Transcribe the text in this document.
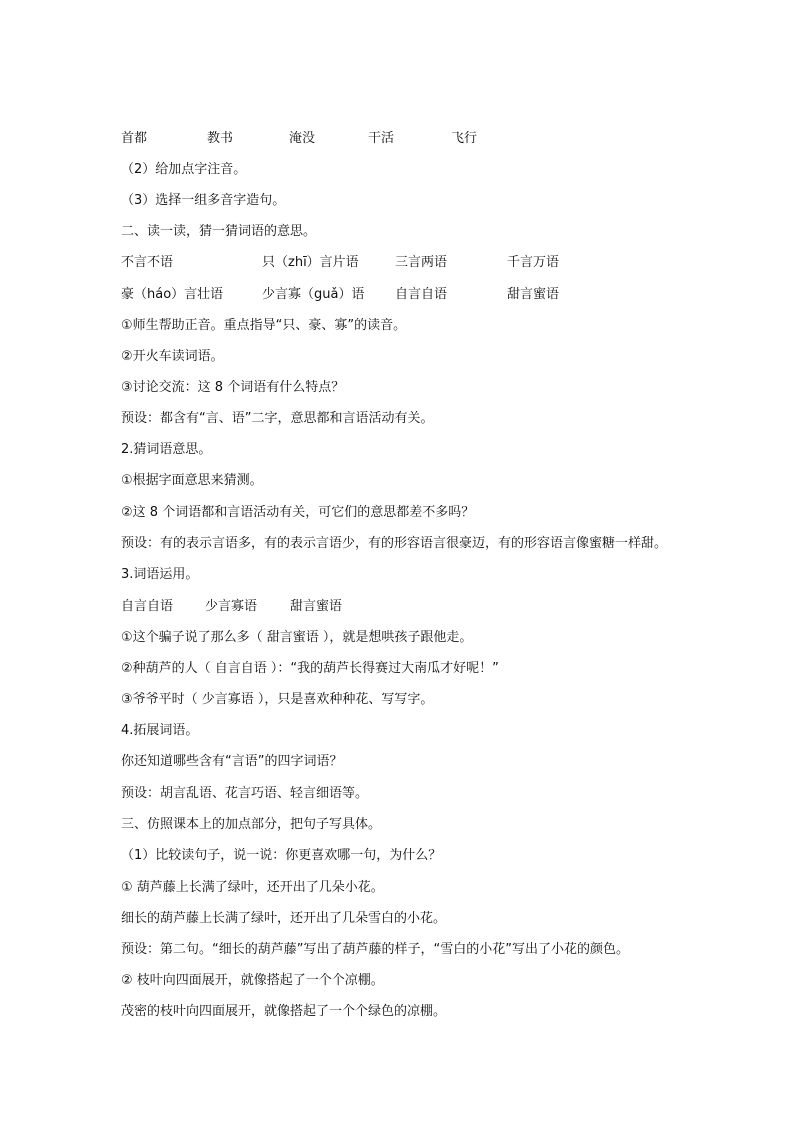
首都	教书	淹没	干活	飞行
（2）给加点字注音。
（3）选择一组多音字造句。
二、读一读，猜一猜词语的意思。
不言不语	只（zhī）言片语	三言两语	千言万语
豪（háo）言壮语	少言寡（guǎ）语 自言自语	甜言蜜语
①师生帮助正音。重点指导“只、豪、寡”的读音。
②开火车读词语。
③讨论交流：这 8 个词语有什么特点？
预设：都含有“言、语”二字，意思都和言语活动有关。
2.猜词语意思。
①根据字面意思来猜测。
②这 8 个词语都和言语活动有关，可它们的意思都差不多吗？
预设：有的表示言语多，有的表示言语少，有的形容语言很豪迈，有的形容语言像蜜糖一样甜。
3.词语运用。
自言自语 少言寡语	甜言蜜语
①这个骗子说了那么多（ 甜言蜜语 ），就是想哄孩子跟他走。
②种葫芦的人（ 自言自语 ）：“我的葫芦长得赛过大南瓜才好呢！”
③爷爷平时（ 少言寡语 ），只是喜欢种种花、写写字。
4.拓展词语。
你还知道哪些含有“言语”的四字词语？
预设：胡言乱语、花言巧语、轻言细语等。
三、仿照课本上的加点部分，把句子写具体。
（1）比较读句子，说一说：你更喜欢哪一句，为什么？
① 葫芦藤上长满了绿叶，还开出了几朵小花。
细长的葫芦藤上长满了绿叶，还开出了几朵雪白的小花。
预设：第二句。“细长的葫芦藤”写出了葫芦藤的样子，“雪白的小花”写出了小花的颜色。
② 枝叶向四面展开，就像搭起了一个个凉棚。
茂密的枝叶向四面展开，就像搭起了一个个绿色的凉棚。
